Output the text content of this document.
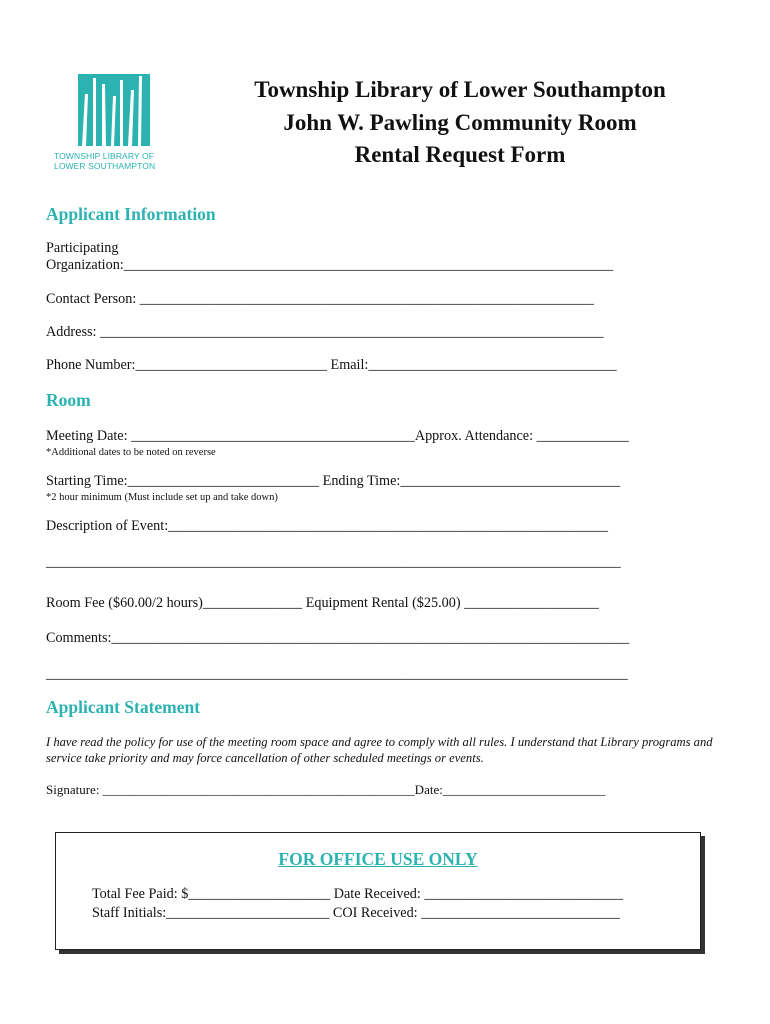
TOWNSHIP LIBRARY OF
LOWER SOUTHAMPTON
Township Library of Lower Southampton
John W. Pawling Community Room
Rental Request Form
Applicant Information
Participating
Organization:_____________________________________________________________________
Contact Person: ________________________________________________________________
Address: _______________________________________________________________________
Phone Number:___________________________ Email:___________________________________
Room
Meeting Date: ________________________________________Approx. Attendance: _____________
*Additional dates to be noted on reverse
Starting Time:___________________________ Ending Time:_______________________________
*2 hour minimum (Must include set up and take down)
Description of Event:______________________________________________________________
_________________________________________________________________________________
Room Fee ($60.00/2 hours)______________ Equipment Rental ($25.00) ___________________
Comments:_________________________________________________________________________
__________________________________________________________________________________
Applicant Statement
I have read the policy for use of the meeting room space and agree to comply with all rules. I understand that Library programs and service take priority and may force cancellation of other scheduled meetings or events.
Signature: ________________________________________________Date:_________________________
FOR OFFICE USE ONLY
Total Fee Paid: $____________________ Date Received: ____________________________
Staff Initials:_______________________ COI Received: ____________________________
